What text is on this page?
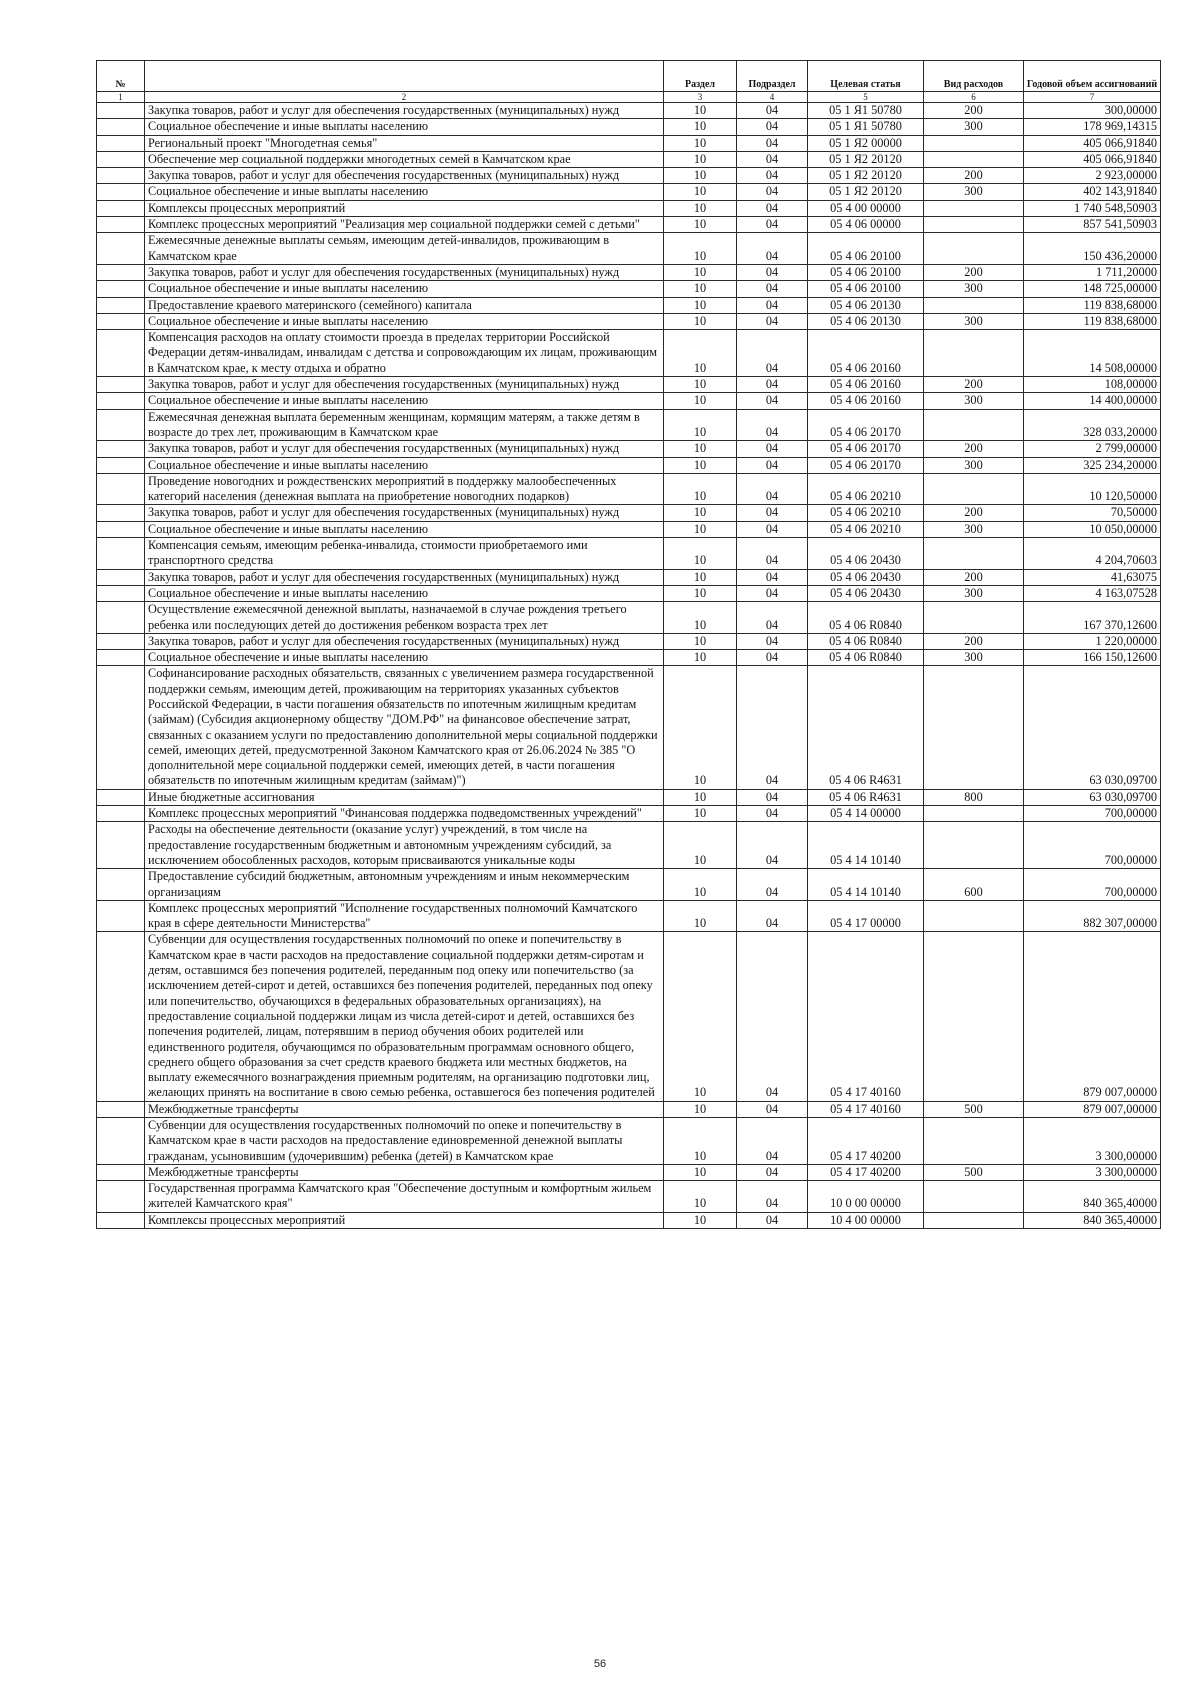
№		Раздел	Подраздел	Целевая статья	Вид расходов	Годовой объем ассигнований
1	2	3	4	5	6	7
	Закупка товаров, работ и услуг для обеспечения государственных (муниципальных) нужд	10	04	05 1 Я1 50780	200	300,00000
	Социальное обеспечение и иные выплаты населению	10	04	05 1 Я1 50780	300	178 969,14315
	Региональный проект "Многодетная семья"	10	04	05 1 Я2 00000		405 066,91840
	Обеспечение мер социальной поддержки многодетных семей в Камчатском крае	10	04	05 1 Я2 20120		405 066,91840
	Закупка товаров, работ и услуг для обеспечения государственных (муниципальных) нужд	10	04	05 1 Я2 20120	200	2 923,00000
	Социальное обеспечение и иные выплаты населению	10	04	05 1 Я2 20120	300	402 143,91840
	Комплексы процессных мероприятий	10	04	05 4 00 00000		1 740 548,50903
	Комплекс процессных мероприятий "Реализация мер социальной поддержки семей с детьми"	10	04	05 4 06 00000		857 541,50903
	Ежемесячные денежные выплаты семьям, имеющим детей-инвалидов, проживающим в Камчатском крае	10	04	05 4 06 20100		150 436,20000
	Закупка товаров, работ и услуг для обеспечения государственных (муниципальных) нужд	10	04	05 4 06 20100	200	1 711,20000
	Социальное обеспечение и иные выплаты населению	10	04	05 4 06 20100	300	148 725,00000
	Предоставление краевого материнского (семейного) капитала	10	04	05 4 06 20130		119 838,68000
	Социальное обеспечение и иные выплаты населению	10	04	05 4 06 20130	300	119 838,68000
	Компенсация расходов на оплату стоимости проезда в пределах территории Российской Федерации детям-инвалидам, инвалидам с детства и сопровождающим их лицам, проживающим в Камчатском крае, к месту отдыха и обратно	10	04	05 4 06 20160		14 508,00000
	Закупка товаров, работ и услуг для обеспечения государственных (муниципальных) нужд	10	04	05 4 06 20160	200	108,00000
	Социальное обеспечение и иные выплаты населению	10	04	05 4 06 20160	300	14 400,00000
	Ежемесячная денежная выплата беременным женщинам, кормящим матерям, а также детям в возрасте до трех лет, проживающим в Камчатском крае	10	04	05 4 06 20170		328 033,20000
	Закупка товаров, работ и услуг для обеспечения государственных (муниципальных) нужд	10	04	05 4 06 20170	200	2 799,00000
	Социальное обеспечение и иные выплаты населению	10	04	05 4 06 20170	300	325 234,20000
	Проведение новогодних и рождественских мероприятий в поддержку малообеспеченных категорий населения (денежная выплата на приобретение новогодних подарков)	10	04	05 4 06 20210		10 120,50000
	Закупка товаров, работ и услуг для обеспечения государственных (муниципальных) нужд	10	04	05 4 06 20210	200	70,50000
	Социальное обеспечение и иные выплаты населению	10	04	05 4 06 20210	300	10 050,00000
	Компенсация семьям, имеющим ребенка-инвалида, стоимости приобретаемого ими транспортного средства	10	04	05 4 06 20430		4 204,70603
	Закупка товаров, работ и услуг для обеспечения государственных (муниципальных) нужд	10	04	05 4 06 20430	200	41,63075
	Социальное обеспечение и иные выплаты населению	10	04	05 4 06 20430	300	4 163,07528
	Осуществление ежемесячной денежной выплаты, назначаемой в случае рождения третьего ребенка или последующих детей до достижения ребенком возраста трех лет	10	04	05 4 06 R0840		167 370,12600
	Закупка товаров, работ и услуг для обеспечения государственных (муниципальных) нужд	10	04	05 4 06 R0840	200	1 220,00000
	Социальное обеспечение и иные выплаты населению	10	04	05 4 06 R0840	300	166 150,12600
	Софинансирование расходных обязательств, связанных с увеличением размера государственной поддержки семьям, имеющим детей, проживающим на территориях указанных субъектов Российской Федерации, в части погашения обязательств по ипотечным жилищным кредитам (займам) (Субсидия акционерному обществу "ДОМ.РФ" на финансовое обеспечение затрат, связанных с оказанием услуги по предоставлению дополнительной меры социальной поддержки семей, имеющих детей, предусмотренной Законом Камчатского края от 26.06.2024 № 385 "О дополнительной мере социальной поддержки семей, имеющих детей, в части погашения обязательств по ипотечным жилищным кредитам (займам)")	10	04	05 4 06 R4631		63 030,09700
	Иные бюджетные ассигнования	10	04	05 4 06 R4631	800	63 030,09700
	Комплекс процессных мероприятий "Финансовая поддержка подведомственных учреждений"	10	04	05 4 14 00000		700,00000
	Расходы на обеспечение деятельности (оказание услуг) учреждений, в том числе на предоставление государственным бюджетным и автономным учреждениям субсидий, за исключением обособленных расходов, которым присваиваются уникальные коды	10	04	05 4 14 10140		700,00000
	Предоставление субсидий бюджетным, автономным учреждениям и иным некоммерческим организациям	10	04	05 4 14 10140	600	700,00000
	Комплекс процессных мероприятий "Исполнение государственных полномочий Камчатского края в сфере деятельности Министерства"	10	04	05 4 17 00000		882 307,00000
	Субвенции для осуществления государственных полномочий по опеке и попечительству в Камчатском крае в части расходов на предоставление социальной поддержки детям-сиротам и детям, оставшимся без попечения родителей, переданным под опеку или попечительство (за исключением детей-сирот и детей, оставшихся без попечения родителей, переданных под опеку или попечительство, обучающихся в федеральных образовательных организациях), на предоставление социальной поддержки лицам из числа детей-сирот и детей, оставшихся без попечения родителей, лицам, потерявшим в период обучения обоих родителей или единственного родителя, обучающимся по образовательным программам основного общего, среднего общего образования за счет средств краевого бюджета или местных бюджетов, на выплату ежемесячного вознаграждения приемным родителям, на организацию подготовки лиц, желающих принять на воспитание в свою семью ребенка, оставшегося без попечения родителей	10	04	05 4 17 40160		879 007,00000
	Межбюджетные трансферты	10	04	05 4 17 40160	500	879 007,00000
	Субвенции для осуществления государственных полномочий по опеке и попечительству в Камчатском крае в части расходов на предоставление единовременной денежной выплаты гражданам, усыновившим (удочерившим) ребенка (детей) в Камчатском крае	10	04	05 4 17 40200		3 300,00000
	Межбюджетные трансферты	10	04	05 4 17 40200	500	3 300,00000
	Государственная программа Камчатского края "Обеспечение доступным и комфортным жильем жителей Камчатского края"	10	04	10 0 00 00000		840 365,40000
	Комплексы процессных мероприятий	10	04	10 4 00 00000		840 365,40000
56
